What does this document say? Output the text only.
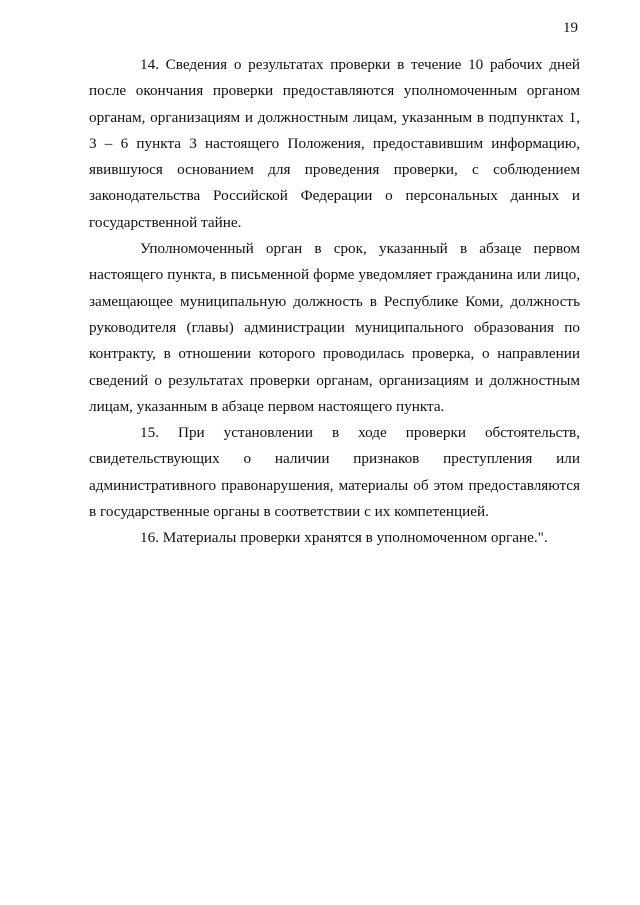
19

14. Сведения о результатах проверки в течение 10 рабочих дней после окончания проверки предоставляются уполномоченным органом органам, организациям и должностным лицам, указанным в подпунктах 1, 3 – 6 пункта 3 настоящего Положения, предоставившим информацию, явившуюся основанием для проведения проверки, с соблюдением законодательства Российской Федерации о персональных данных и государственной тайне.

Уполномоченный орган в срок, указанный в абзаце первом настоящего пункта, в письменной форме уведомляет гражданина или лицо, замещающее муниципальную должность в Республике Коми, должность руководителя (главы) администрации муниципального образования по контракту, в отношении которого проводилась проверка, о направлении сведений о результатах проверки органам, организациям и должностным лицам, указанным в абзаце первом настоящего пункта.

15. При установлении в ходе проверки обстоятельств, свидетельствующих о наличии признаков преступления или административного правонарушения, материалы об этом предоставляются в государственные органы в соответствии с их компетенцией.

16. Материалы проверки хранятся в уполномоченном органе.".
